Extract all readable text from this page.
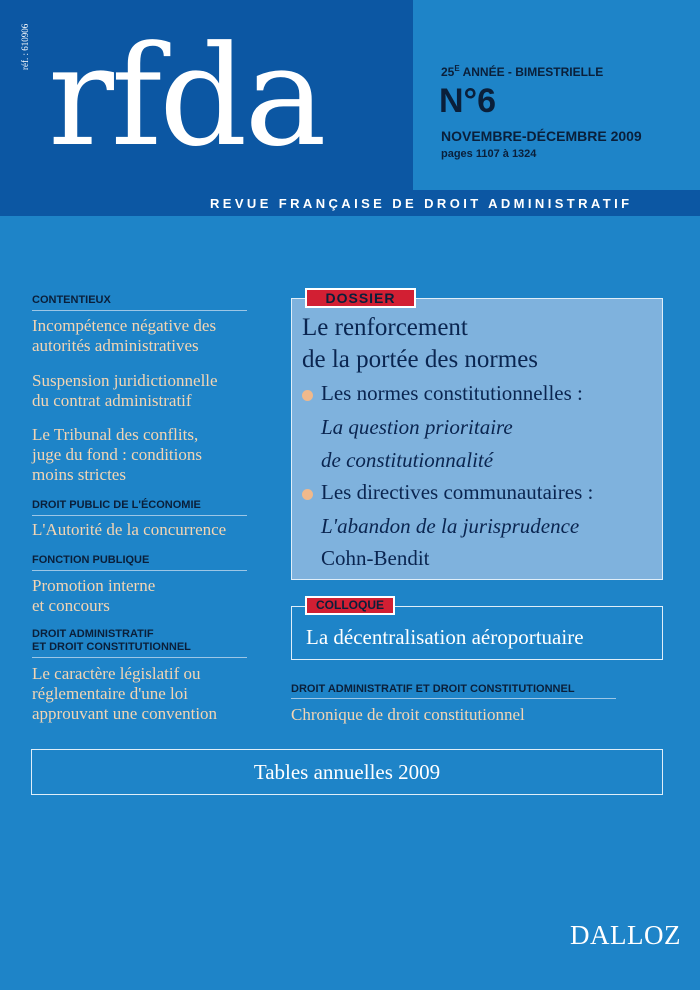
réf. : 610906 rfda	$25^E$ ANNÉE - BIMESTRIELLE
N°6
NOVEMBRE-DÉCEMBRE 2009
pages 1107 à 1324
REVUE FRANÇAISE DE DROIT ADMINISTRATIF
CONTENTIEUX
Incompétence négative des
autorités administratives
Suspension juridictionnelle
du contrat administratif
Le Tribunal des conflits,
juge du fond : conditions
moins strictes
DROIT PUBLIC DE L'ÉCONOMIE
L'Autorité de la concurrence
FONCTION PUBLIQUE
Promotion interne
et concours
DROIT ADMINISTRATIF
ET DROIT CONSTITUTIONNEL
Le caractère législatif ou
réglementaire d'une loi
approuvant une convention
DOSSIER
Le renforcement
de la portée des normes
Les normes constitutionnelles :
La question prioritaire
de constitutionnalité
Les directives communautaires :
L'abandon de la jurisprudence
Cohn-Bendit
COLLOQUE
La décentralisation aéroportuaire
DROIT ADMINISTRATIF ET DROIT CONSTITUTIONNEL
Chronique de droit constitutionnel
Tables annuelles 2009
DALLOZ
